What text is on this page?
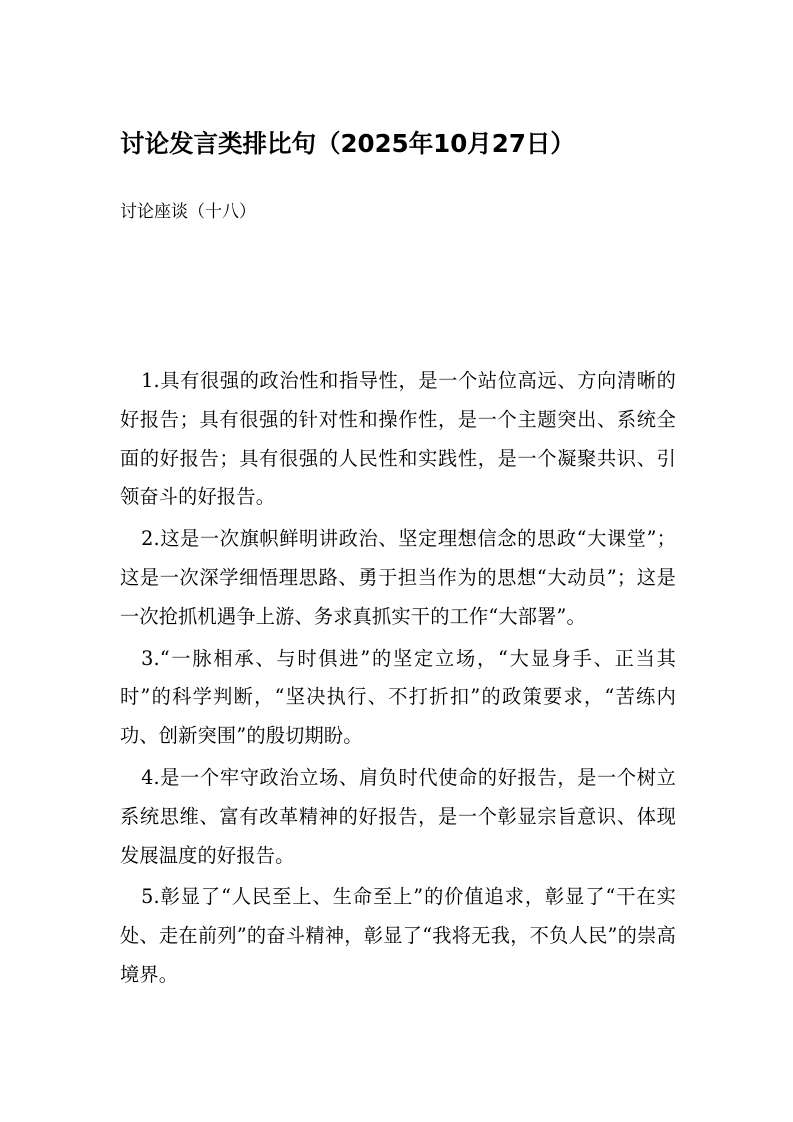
讨论发言类排比句（2025年10月27日）

讨论座谈（十八）

1.具有很强的政治性和指导性，是一个站位高远、方向清晰的好报告；具有很强的针对性和操作性，是一个主题突出、系统全面的好报告；具有很强的人民性和实践性，是一个凝聚共识、引领奋斗的好报告。

2.这是一次旗帜鲜明讲政治、坚定理想信念的思政“大课堂”；这是一次深学细悟理思路、勇于担当作为的思想“大动员”；这是一次抢抓机遇争上游、务求真抓实干的工作“大部署”。

3.“一脉相承、与时俱进”的坚定立场，“大显身手、正当其时”的科学判断，“坚决执行、不打折扣”的政策要求，“苦练内功、创新突围”的殷切期盼。

4.是一个牢守政治立场、肩负时代使命的好报告，是一个树立系统思维、富有改革精神的好报告，是一个彰显宗旨意识、体现发展温度的好报告。

5.彰显了“人民至上、生命至上”的价值追求，彰显了“干在实处、走在前列”的奋斗精神，彰显了“我将无我，不负人民”的崇高境界。
